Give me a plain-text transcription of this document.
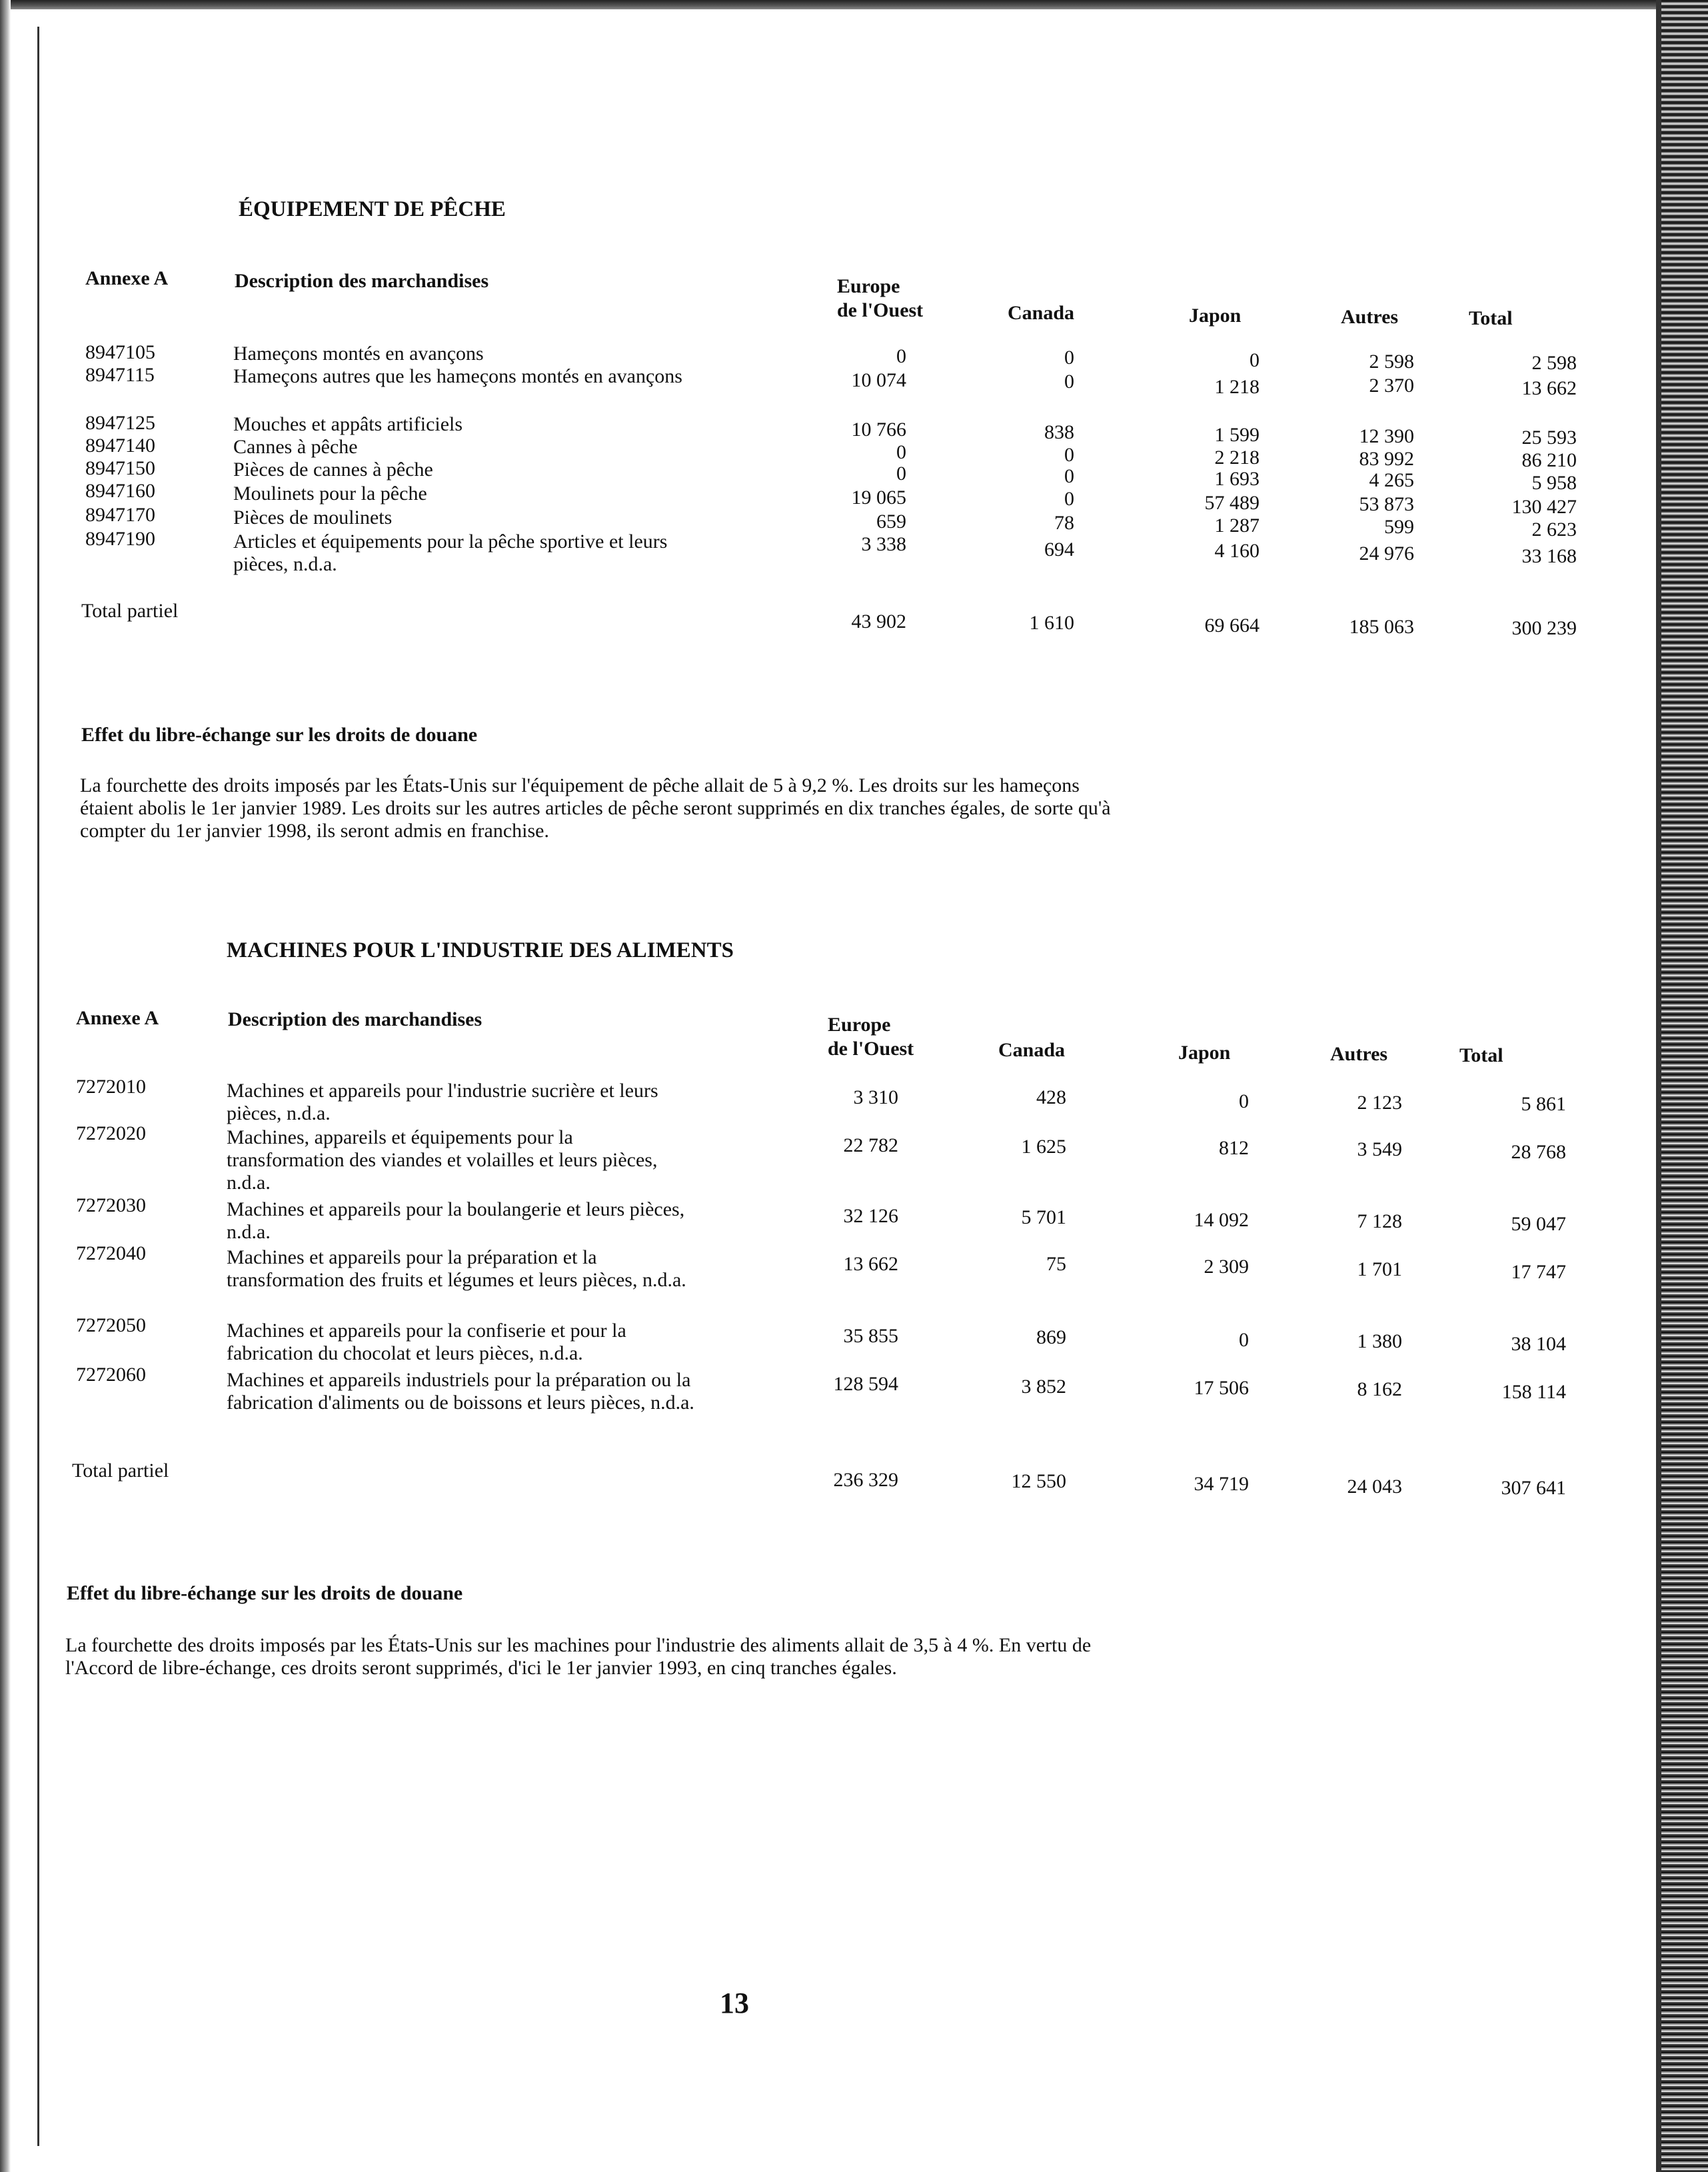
ÉQUIPEMENT DE PÊCHE
Annexe A	Description des marchandises	Europe
de l'Ouest	Canada	Japon	Autres	Total
8947105	Hameçons montés en avançons	0	0	0	2 598	2 598
8947115	Hameçons autres que les hameçons montés en avançons	10 074	0	1 218	2 370	13 662
8947125	Mouches et appâts artificiels	10 766	838	1 599	12 390	25 593
8947140	Cannes à pêche	0	0	2 218	83 992	86 210
8947150	Pièces de cannes à pêche	0	0	1 693	4 265	5 958
8947160	Moulinets pour la pêche	19 065	0	57 489	53 873	130 427
8947170	Pièces de moulinets	659	78	1 287	599	2 623
8947190	Articles et équipements pour la pêche sportive et leurs pièces, n.d.a.
3 338	694	4 160	24 976	33 168
Total partiel	43 902	1 610	69 664	185 063	300 239
Effet du libre-échange sur les droits de douane
La fourchette des droits imposés par les États-Unis sur l'équipement de pêche allait de 5 à 9,2 %. Les droits sur les hameçons étaient abolis le 1er janvier 1989. Les droits sur les autres articles de pêche seront supprimés en dix tranches égales, de sorte qu'à compter du 1er janvier 1998, ils seront admis en franchise.
MACHINES POUR L'INDUSTRIE DES ALIMENTS
Annexe A	Description des marchandises	Europe
de l'Ouest	Canada	Japon	Autres	Total
7272010	Machines et appareils pour l'industrie sucrière et leurs pièces, n.d.a.
3 310	428	0	2 123	5 861
7272020	Machines, appareils et équipements pour la transformation des viandes et volailles et leurs pièces, n.d.a.
22 782	1 625	812	3 549	28 768
7272030	Machines et appareils pour la boulangerie et leurs pièces, n.d.a.
32 126	5 701	14 092	7 128	59 047
7272040	Machines et appareils pour la préparation et la transformation des fruits et légumes et leurs pièces, n.d.a.
13 662	75	2 309	1 701	17 747
7272050	Machines et appareils pour la confiserie et pour la fabrication du chocolat et leurs pièces, n.d.a.
35 855	869	0	1 380	38 104
7272060	Machines et appareils industriels pour la préparation ou la fabrication d'aliments ou de boissons et leurs pièces, n.d.a.
128 594	3 852	17 506	8 162	158 114
Total partiel	236 329	12 550	34 719	24 043	307 641
Effet du libre-échange sur les droits de douane
La fourchette des droits imposés par les États-Unis sur les machines pour l'industrie des aliments allait de 3,5 à 4 %. En vertu de l'Accord de libre-échange, ces droits seront supprimés, d'ici le 1er janvier 1993, en cinq tranches égales.
13
